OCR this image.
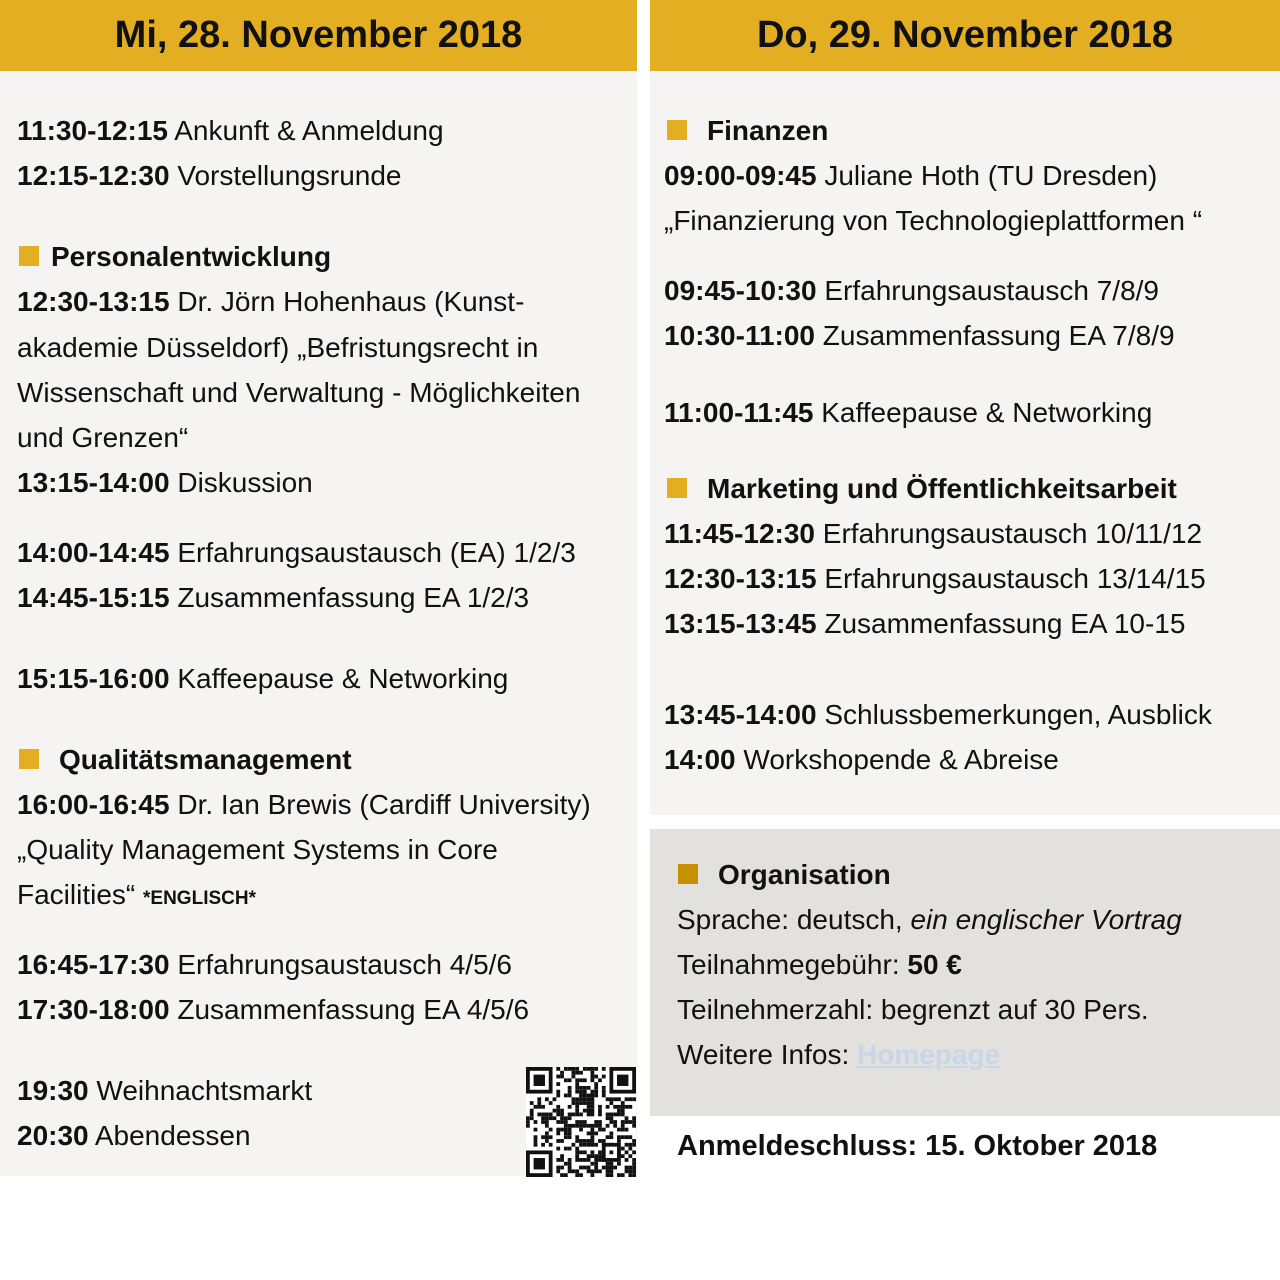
Mi, 28. November 2018
11:30-12:15 Ankunft & Anmeldung
12:15-12:30 Vorstellungsrunde
Personalentwicklung
12:30-13:15 Dr. Jörn Hohenhaus (Kunst-
akademie Düsseldorf) „Befristungsrecht in
Wissenschaft und Verwaltung - Möglichkeiten
und Grenzen“
13:15-14:00 Diskussion
14:00-14:45 Erfahrungsaustausch (EA) 1/2/3
14:45-15:15 Zusammenfassung EA 1/2/3
15:15-16:00 Kaffeepause & Networking
Qualitätsmanagement
16:00-16:45 Dr. Ian Brewis (Cardiff University)
„Quality Management Systems in Core
Facilities“ *ENGLISCH*
16:45-17:30 Erfahrungsaustausch 4/5/6
17:30-18:00 Zusammenfassung EA 4/5/6
19:30 Weihnachtsmarkt
20:30 Abendessen
Do, 29. November 2018
Finanzen
09:00-09:45 Juliane Hoth (TU Dresden)
„Finanzierung von Technologieplattformen “
09:45-10:30 Erfahrungsaustausch 7/8/9
10:30-11:00 Zusammenfassung EA 7/8/9
11:00-11:45 Kaffeepause & Networking
Marketing und Öffentlichkeitsarbeit
11:45-12:30 Erfahrungsaustausch 10/11/12
12:30-13:15 Erfahrungsaustausch 13/14/15
13:15-13:45 Zusammenfassung EA 10-15
13:45-14:00 Schlussbemerkungen, Ausblick
14:00 Workshopende & Abreise
Organisation
Sprache: deutsch, ein englischer Vortrag
Teilnahmegebühr: 50 €
Teilnehmerzahl: begrenzt auf 30 Pers.
Weitere Infos: Homepage
Anmeldeschluss: 15. Oktober 2018
